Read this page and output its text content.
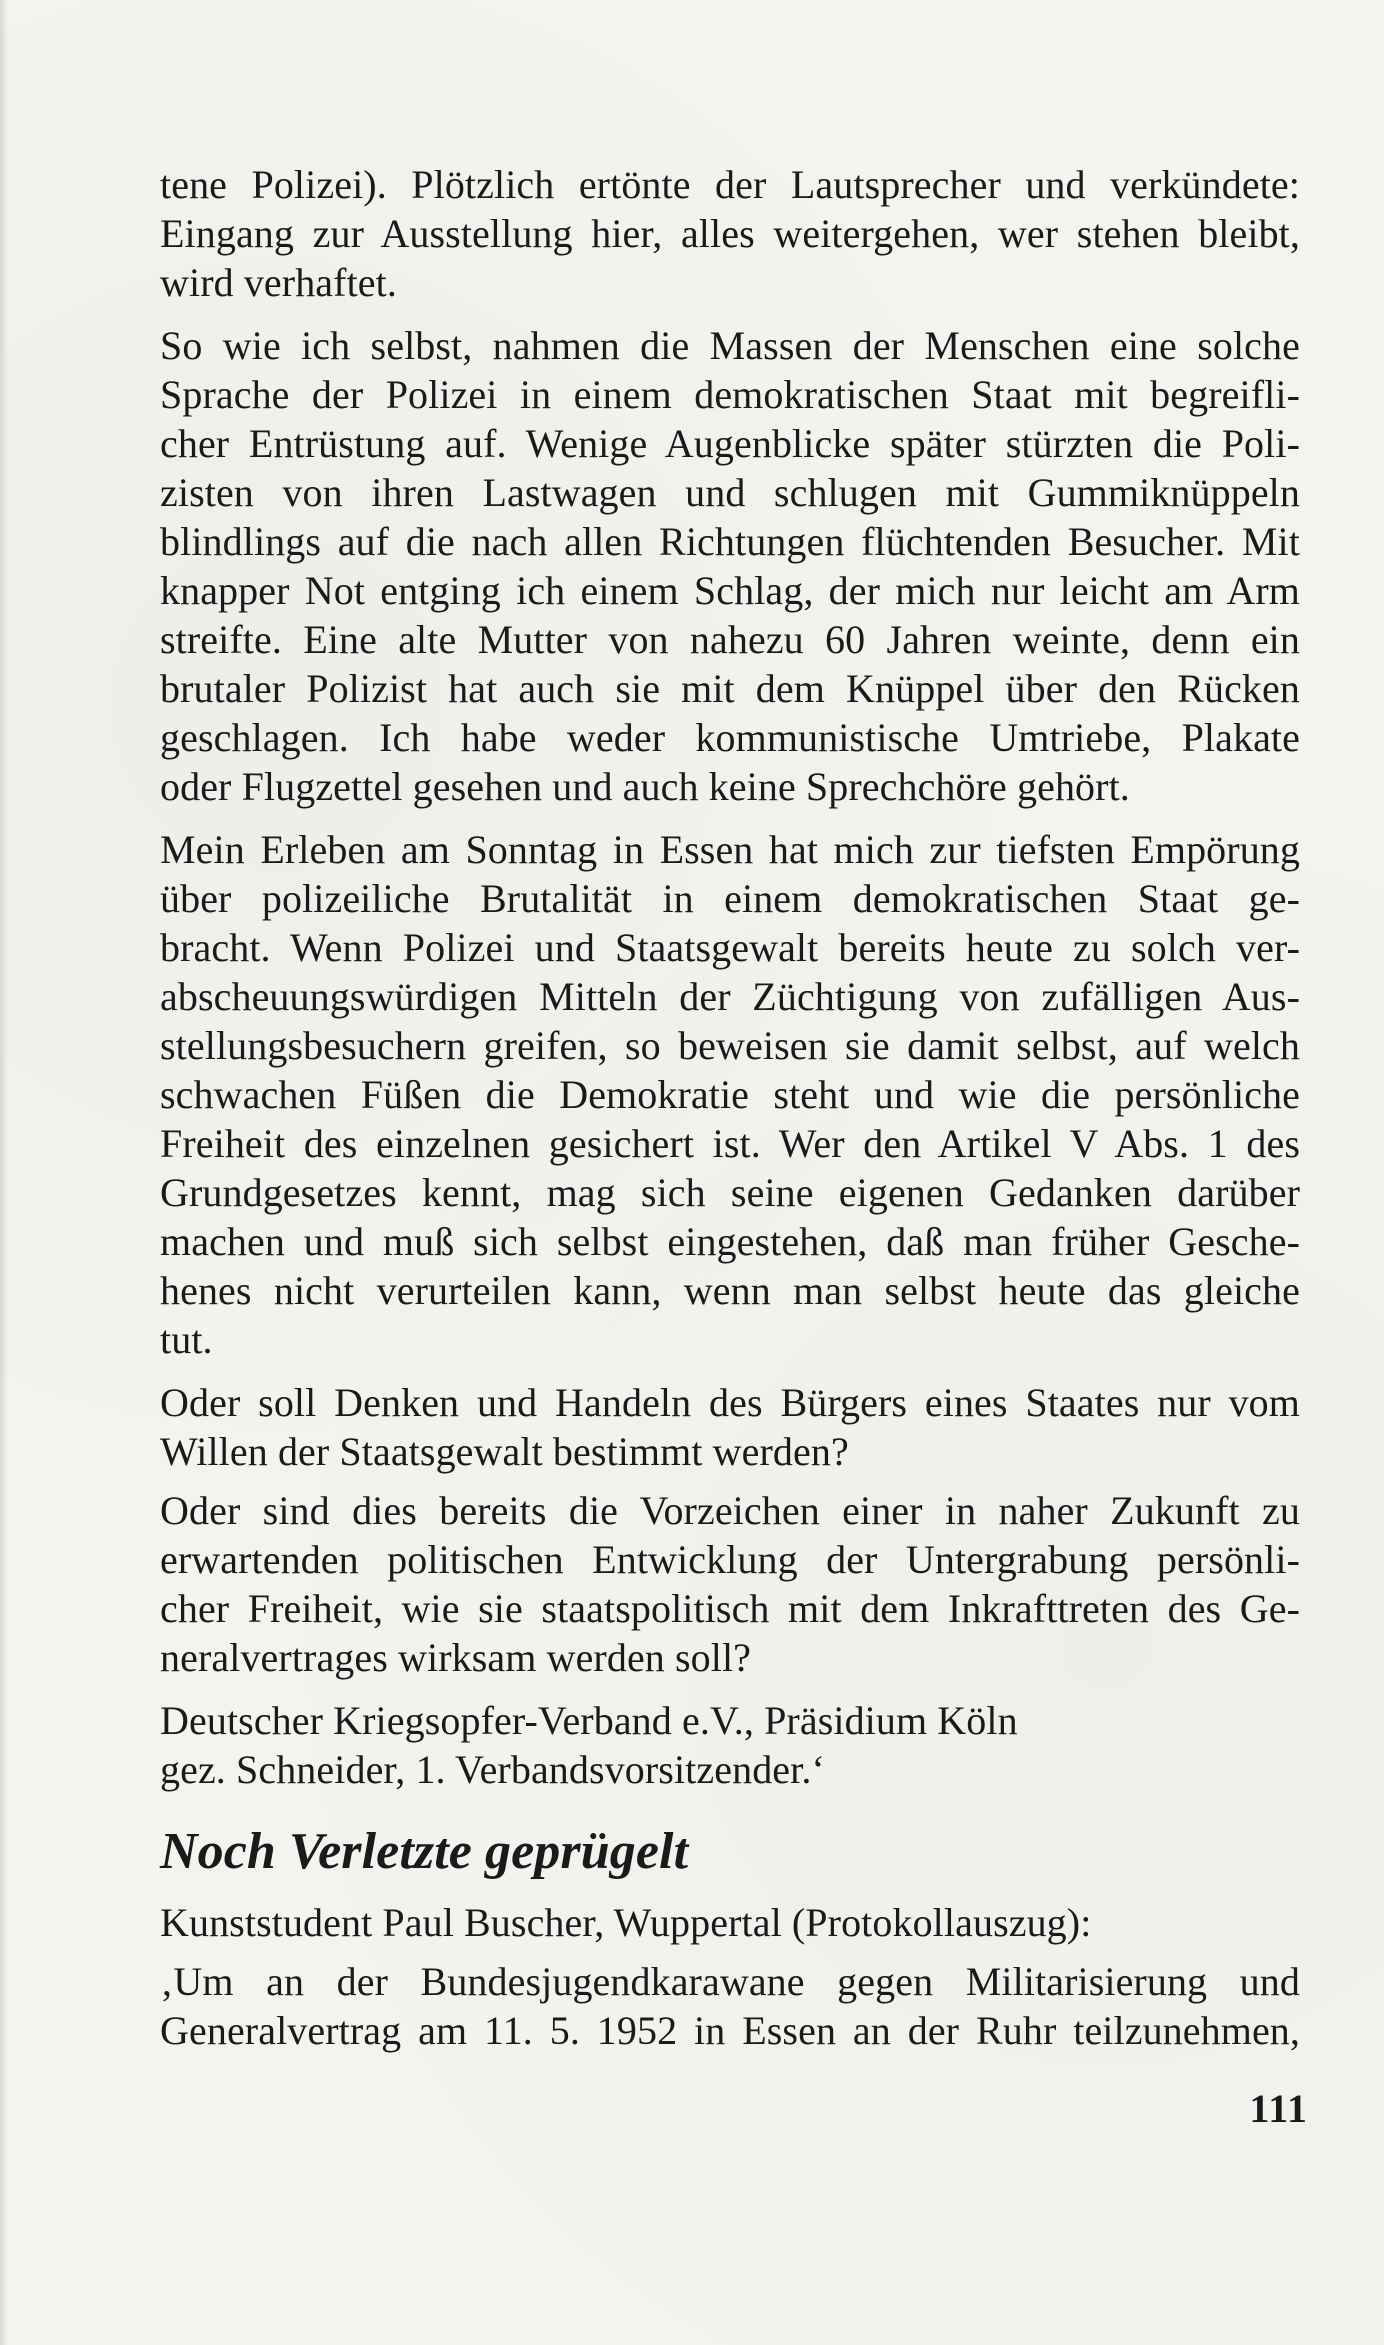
tene Polizei). Plötzlich ertönte der Lautsprecher und verkündete:
Eingang zur Ausstellung hier, alles weitergehen, wer stehen bleibt,
wird verhaftet.

So wie ich selbst, nahmen die Massen der Menschen eine solche
Sprache der Polizei in einem demokratischen Staat mit begreifli-
cher Entrüstung auf. Wenige Augenblicke später stürzten die Poli-
zisten von ihren Lastwagen und schlugen mit Gummiknüppeln
blindlings auf die nach allen Richtungen flüchtenden Besucher. Mit
knapper Not entging ich einem Schlag, der mich nur leicht am Arm
streifte. Eine alte Mutter von nahezu 60 Jahren weinte, denn ein
brutaler Polizist hat auch sie mit dem Knüppel über den Rücken
geschlagen. Ich habe weder kommunistische Umtriebe, Plakate
oder Flugzettel gesehen und auch keine Sprechchöre gehört.

Mein Erleben am Sonntag in Essen hat mich zur tiefsten Empörung
über polizeiliche Brutalität in einem demokratischen Staat ge-
bracht. Wenn Polizei und Staatsgewalt bereits heute zu solch ver-
abscheuungswürdigen Mitteln der Züchtigung von zufälligen Aus-
stellungsbesuchern greifen, so beweisen sie damit selbst, auf welch
schwachen Füßen die Demokratie steht und wie die persönliche
Freiheit des einzelnen gesichert ist. Wer den Artikel V Abs. 1 des
Grundgesetzes kennt, mag sich seine eigenen Gedanken darüber
machen und muß sich selbst eingestehen, daß man früher Gesche-
henes nicht verurteilen kann, wenn man selbst heute das gleiche
tut.

Oder soll Denken und Handeln des Bürgers eines Staates nur vom
Willen der Staatsgewalt bestimmt werden?

Oder sind dies bereits die Vorzeichen einer in naher Zukunft zu
erwartenden politischen Entwicklung der Untergrabung persönli-
cher Freiheit, wie sie staatspolitisch mit dem Inkrafttreten des Ge-
neralvertrages wirksam werden soll?

Deutscher Kriegsopfer-Verband e.V., Präsidium Köln
gez. Schneider, 1. Verbandsvorsitzender.‘

Noch Verletzte geprügelt

Kunststudent Paul Buscher, Wuppertal (Protokollauszug):

‚Um an der Bundesjugendkarawane gegen Militarisierung und
Generalvertrag am 11. 5. 1952 in Essen an der Ruhr teilzunehmen,

111
